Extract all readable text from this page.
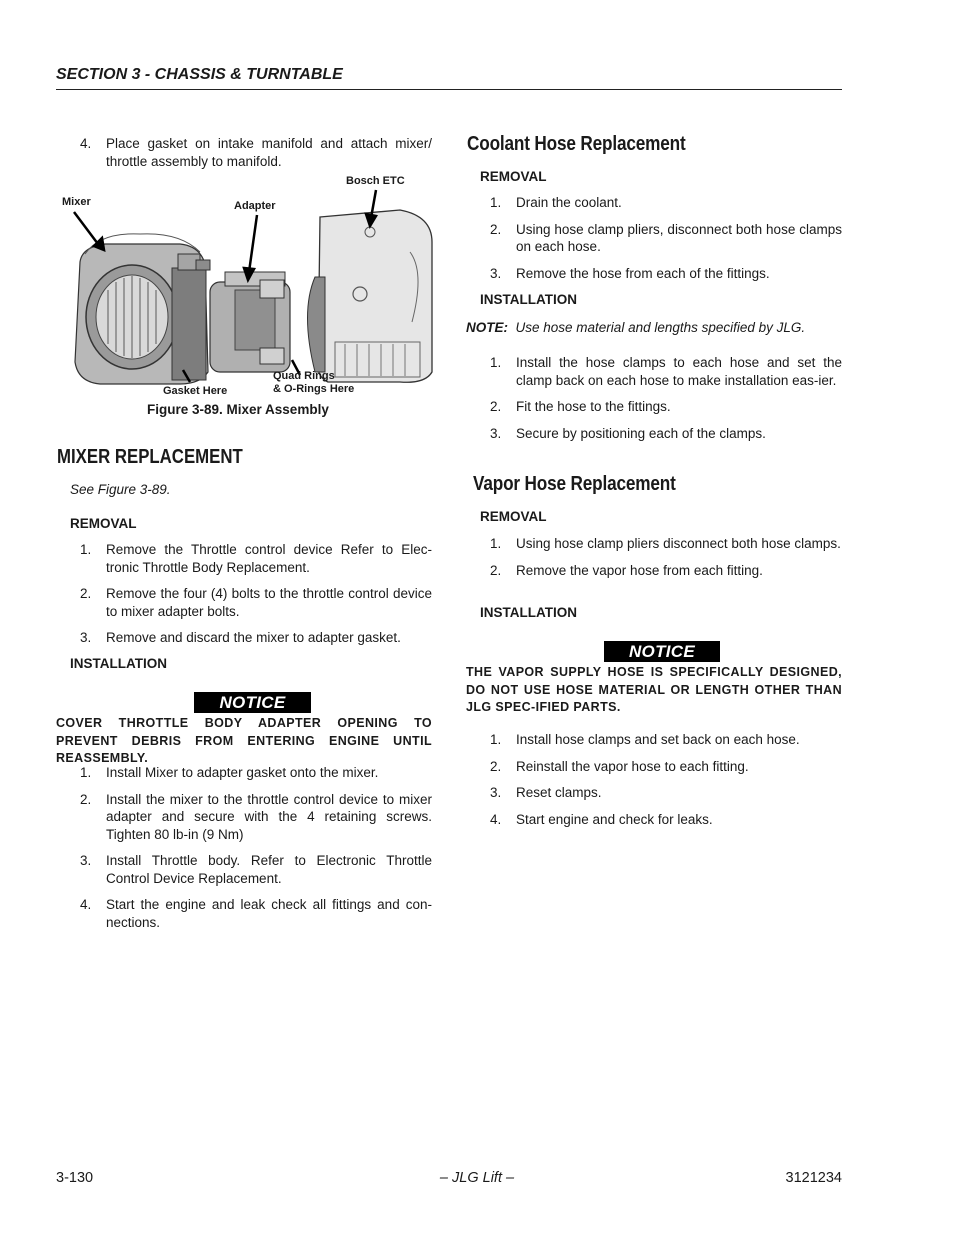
SECTION 3 - CHASSIS & TURNTABLE
4. Place gasket on intake manifold and attach mixer/ throttle assembly to manifold.
Mixer	Adapter
Bosch ETC
Gasket Here
Quad Rings
& O-Rings Here
Figure 3-89. Mixer Assembly
MIXER REPLACEMENT
See Figure 3-89.
REMOVAL
1. Remove the Throttle control device Refer to Elec-tronic Throttle Body Replacement.
2. Remove the four (4) bolts to the throttle control device to mixer adapter bolts.
3. Remove and discard the mixer to adapter gasket.
INSTALLATION
NOTICE
COVER THROTTLE BODY ADAPTER OPENING TO PREVENT DEBRIS FROM ENTERING ENGINE UNTIL REASSEMBLY.
1. Install Mixer to adapter gasket onto the mixer.
2. Install the mixer to the throttle control device to mixer adapter and secure with the 4 retaining screws. Tighten 80 lb-in (9 Nm)
3. Install Throttle body. Refer to Electronic Throttle Control Device Replacement.
4. Start the engine and leak check all fittings and con-nections.
Coolant Hose Replacement
REMOVAL
1. Drain the coolant.
2. Using hose clamp pliers, disconnect both hose clamps on each hose.
3. Remove the hose from each of the fittings.
INSTALLATION
NOTE: Use hose material and lengths specified by JLG.
1. Install the hose clamps to each hose and set the clamp back on each hose to make installation eas-ier.
2. Fit the hose to the fittings.
3. Secure by positioning each of the clamps.
Vapor Hose Replacement
REMOVAL
1. Using hose clamp pliers disconnect both hose clamps.
2. Remove the vapor hose from each fitting.
INSTALLATION
NOTICE
THE VAPOR SUPPLY HOSE IS SPECIFICALLY DESIGNED, DO NOT USE HOSE MATERIAL OR LENGTH OTHER THAN JLG SPEC-IFIED PARTS.
1. Install hose clamps and set back on each hose.
2. Reinstall the vapor hose to each fitting.
3. Reset clamps.
4. Start engine and check for leaks.
3-130	– JLG Lift –	3121234
